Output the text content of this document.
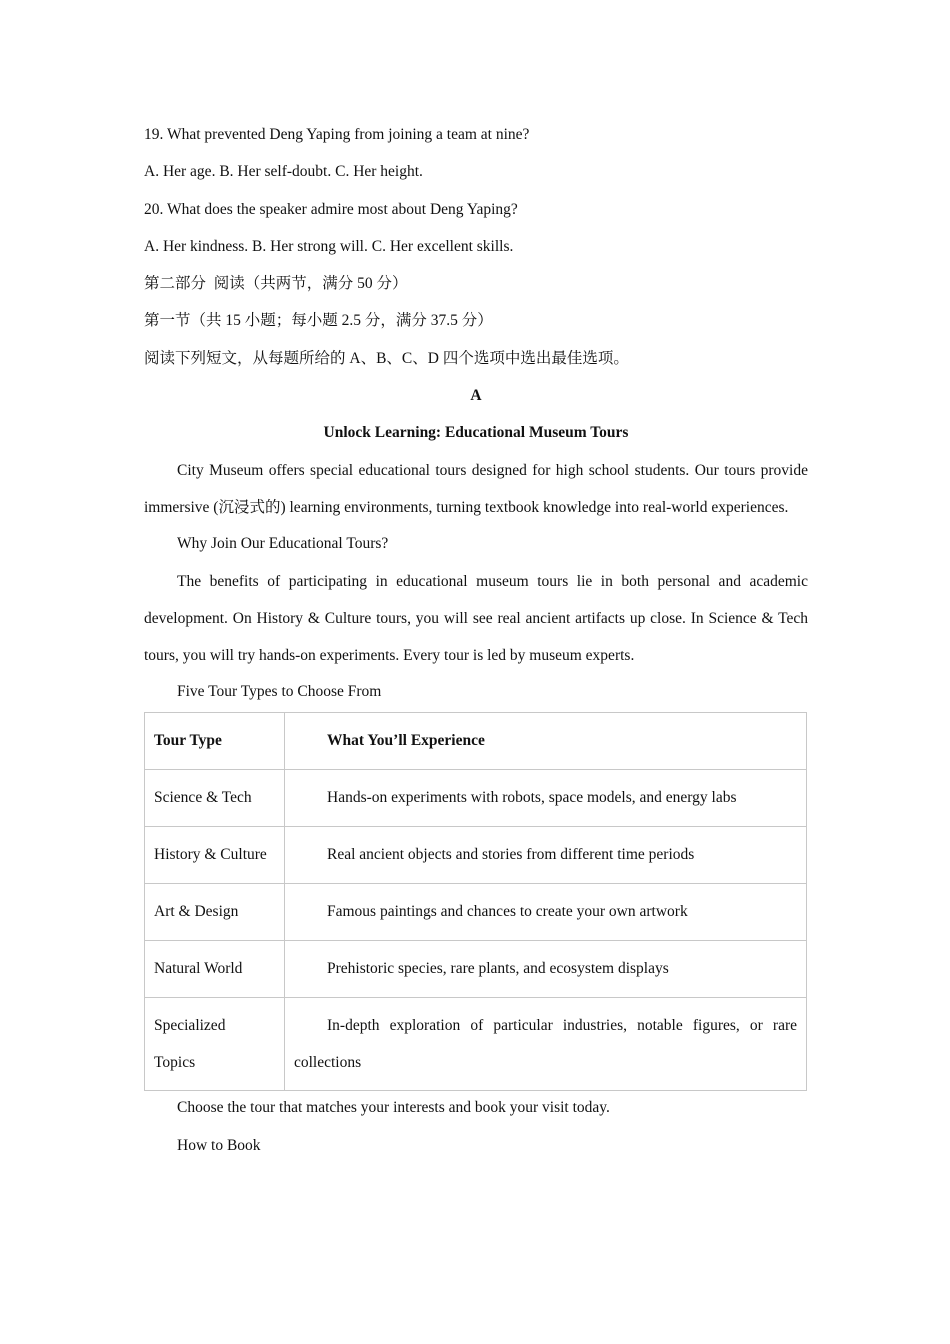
19. What prevented Deng Yaping from joining a team at nine?
A. Her age. B. Her self-doubt. C. Her height.
20. What does the speaker admire most about Deng Yaping?
A. Her kindness. B. Her strong will. C. Her excellent skills.
第二部分  阅读（共两节，满分 50 分）
第一节（共 15 小题；每小题 2.5 分，满分 37.5 分）
阅读下列短文，从每题所给的 A、B、C、D 四个选项中选出最佳选项。
A
Unlock Learning: Educational Museum Tours
City Museum offers special educational tours designed for high school students. Our tours provide immersive (沉浸式的) learning environments, turning textbook knowledge into real-world experiences.
Why Join Our Educational Tours?
The benefits of participating in educational museum tours lie in both personal and academic development. On History & Culture tours, you will see real ancient artifacts up close. In Science & Tech tours, you will try hands-on experiments. Every tour is led by museum experts.
Five Tour Types to Choose From
Tour Type	What You’ll Experience

Science & Tech	Hands-on experiments with robots, space models, and energy labs

History & Culture	Real ancient objects and stories from different time periods

Art & Design	Famous paintings and chances to create your own artwork

Natural World	Prehistoric species, rare plants, and ecosystem displays

Specialized Topics	In-depth exploration of particular industries, notable figures, or rare collections
Choose the tour that matches your interests and book your visit today.
How to Book
